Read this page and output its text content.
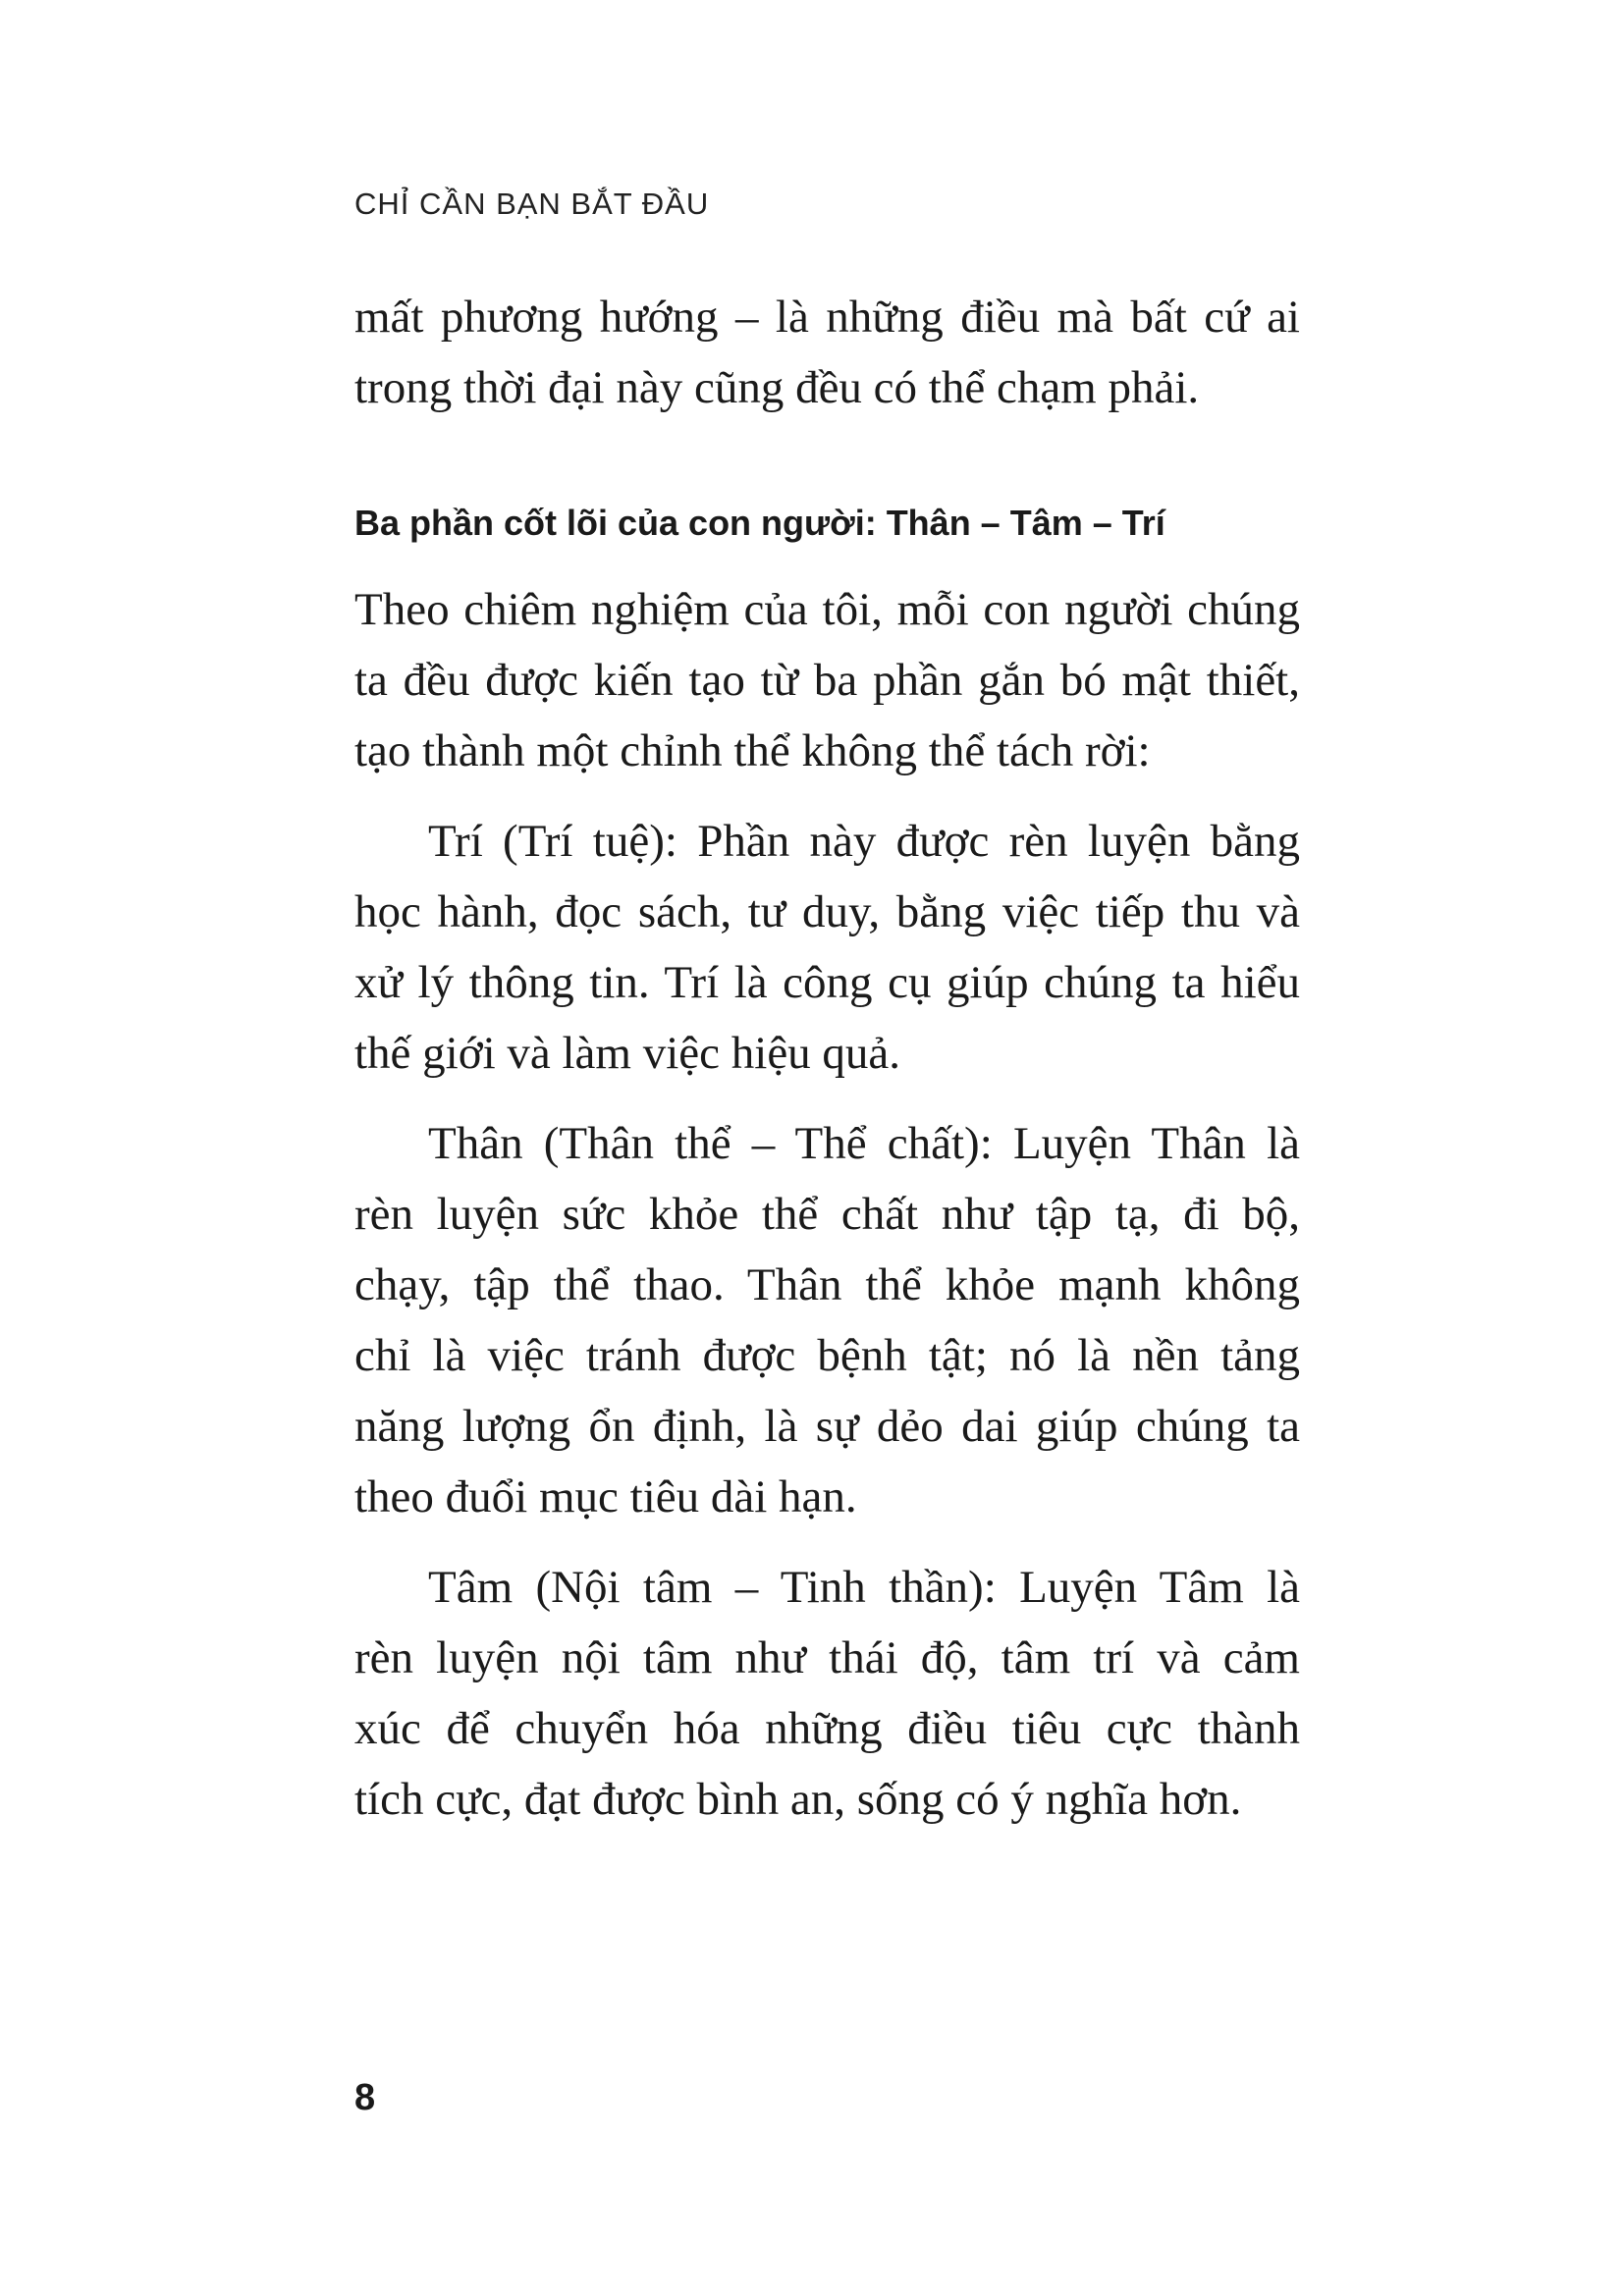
CHỈ CẦN BẠN BẮT ĐẦU
mất phương hướng – là những điều mà bất cứ ai
trong thời đại này cũng đều có thể chạm phải.
Ba phần cốt lõi của con người: Thân – Tâm – Trí
Theo chiêm nghiệm của tôi, mỗi con người chúng
ta đều được kiến tạo từ ba phần gắn bó mật thiết,
tạo thành một chỉnh thể không thể tách rời:
Trí (Trí tuệ): Phần này được rèn luyện bằng
học hành, đọc sách, tư duy, bằng việc tiếp thu và
xử lý thông tin. Trí là công cụ giúp chúng ta hiểu
thế giới và làm việc hiệu quả.
Thân (Thân thể – Thể chất): Luyện Thân là
rèn luyện sức khỏe thể chất như tập tạ, đi bộ,
chạy, tập thể thao. Thân thể khỏe mạnh không
chỉ là việc tránh được bệnh tật; nó là nền tảng
năng lượng ổn định, là sự dẻo dai giúp chúng ta
theo đuổi mục tiêu dài hạn.
Tâm (Nội tâm – Tinh thần): Luyện Tâm là
rèn luyện nội tâm như thái độ, tâm trí và cảm
xúc để chuyển hóa những điều tiêu cực thành
tích cực, đạt được bình an, sống có ý nghĩa hơn.
8
